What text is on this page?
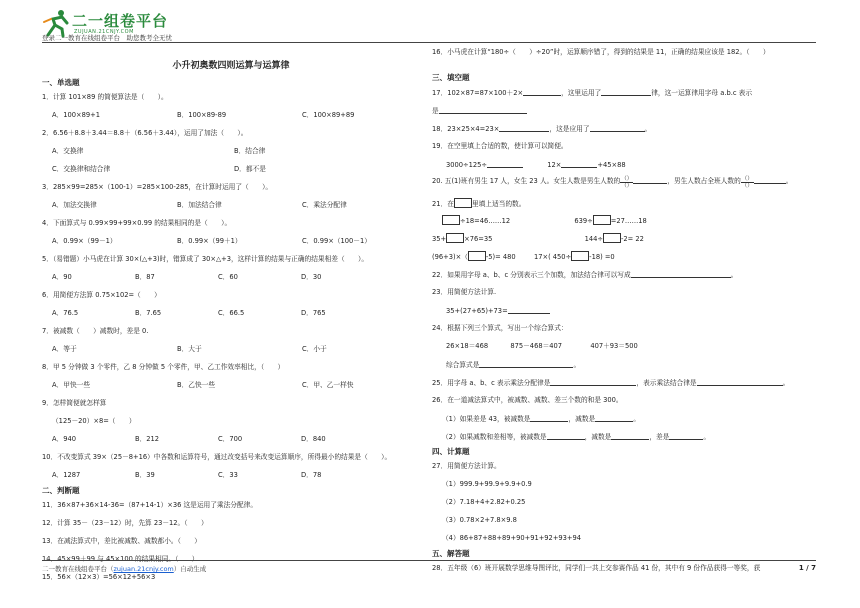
二一组卷平台
ZUJUAN.21CNJY.COM
登录二一教育在线组卷平台　助您教考全无忧
小升初奥数四则运算与运算律
一、单选题
1．计算 101×89 的简便算法是（　　）。
A．100×89+1	B．100×89-89	C．100×89+89
2．6.56＋8.8＋3.44＝8.8＋（6.56＋3.44），运用了加法（　　）。
A．交换律	B．结合律
C．交换律和结合律	D．都不是
3．285×99=285×（100-1）=285×100-285，在计算时运用了（　　）。
A．加法交换律	B．加法结合律	C．乘法分配律
4．下面算式与 0.99×99+99×0.99 的结果相同的是（　　）。
A．0.99×（99－1）	B．0.99×（99＋1）	C．0.99×（100－1）
5．（易错题）小马虎在计算 30×(△+3)时，错算成了 30×△+3，这样计算的结果与正确的结果相差（　　）。
A．90	B．87	C．60	D．30
6．用简便方法算 0.75×102=（　　）
A．76.5	B．7.65	C．66.5	D．765
7．被减数（　　）减数时，差是 0.
A．等于	B．大于	C．小于
8．甲 5 分钟做 3 个零件，乙 8 分钟做 5 个零件，甲、乙工作效率相比，（　　）
A．甲快一些	B．乙快一些	C．甲、乙一样快
9．怎样简便就怎样算
（125－20）×8=（　　）
A．940	B．212	C．700	D．840
10．不改变算式 39×（25－8+16）中各数和运算符号，通过改变括号来改变运算顺序，所得最小的结果是（　　）。
A．1287	B．39	C．33	D．78
二、判断题
11．36×87+36×14-36=（87+14-1）×36 这是运用了乘法分配律。
12．计算 35－（23－12）时，先算 23－12。（　　）
13．在减法算式中，差比被减数、减数都小。（　　）
14．45×99＋99 与 45×100 的结果相同。（　　）
15．56×（12×3）=56×12+56×3
16．小马虎在计算“180÷（　　）÷20”时，运算顺序错了，得到的结果是 11，正确的结果应该是 182。（　　）
三、填空题
17．102×87=87×100＋2×	，这里运用了	律，这一运算律用字母 a.b.c 表示
是
18．23×25×4=23×	，这是应用了	。
19．在空里填上合适的数，使计算可以简便。
3000÷125÷	12×	+45×88
20. 五(1)班有男生 17 人，女生 23 人。女生人数是男生人数的 $\frac{()}{()}$	，男生人数占全班人数的 $\frac{()}{()}$	。
21．在	里填上适当的数。
÷18=46……12	639÷	=27……18
35+	×76=35	144÷	-2= 22
(96+3)×（	-5)= 480	17×( 450÷	-18) =0
22．如果用字母 a、b、c 分别表示三个加数，加法结合律可以写成	。
23．用简便方法计算.
35+(27+65)+73=
24．根据下列三个算式，写出一个综合算式：
26×18＝468	875－468＝407	407＋93＝500
综合算式是	。
25．用字母 a、b、c 表示乘法分配律是	，表示乘法结合律是	。
26．在一道减法算式中，被减数、减数、差三个数的和是 300。
（1）如果差是 43，被减数是	，减数是	。
（2）如果减数和差相等，被减数是	，减数是	，差是	。
四、计算题
27．用简便方法计算。
（1）999.9+99.9+9.9+0.9
（2）7.18+4+2.82+0.25
（3）0.78×2+7.8×9.8
（4）86+87+88+89+90+91+92+93+94
五、解答题
28．五年级（6）班开展数学思维导图评比，同学们一共上交参赛作品 41 份，其中有 9 份作品获得一等奖，获
二一教育在线组卷平台（zujuan.21cnjy.com）自动生成	1 / 7
